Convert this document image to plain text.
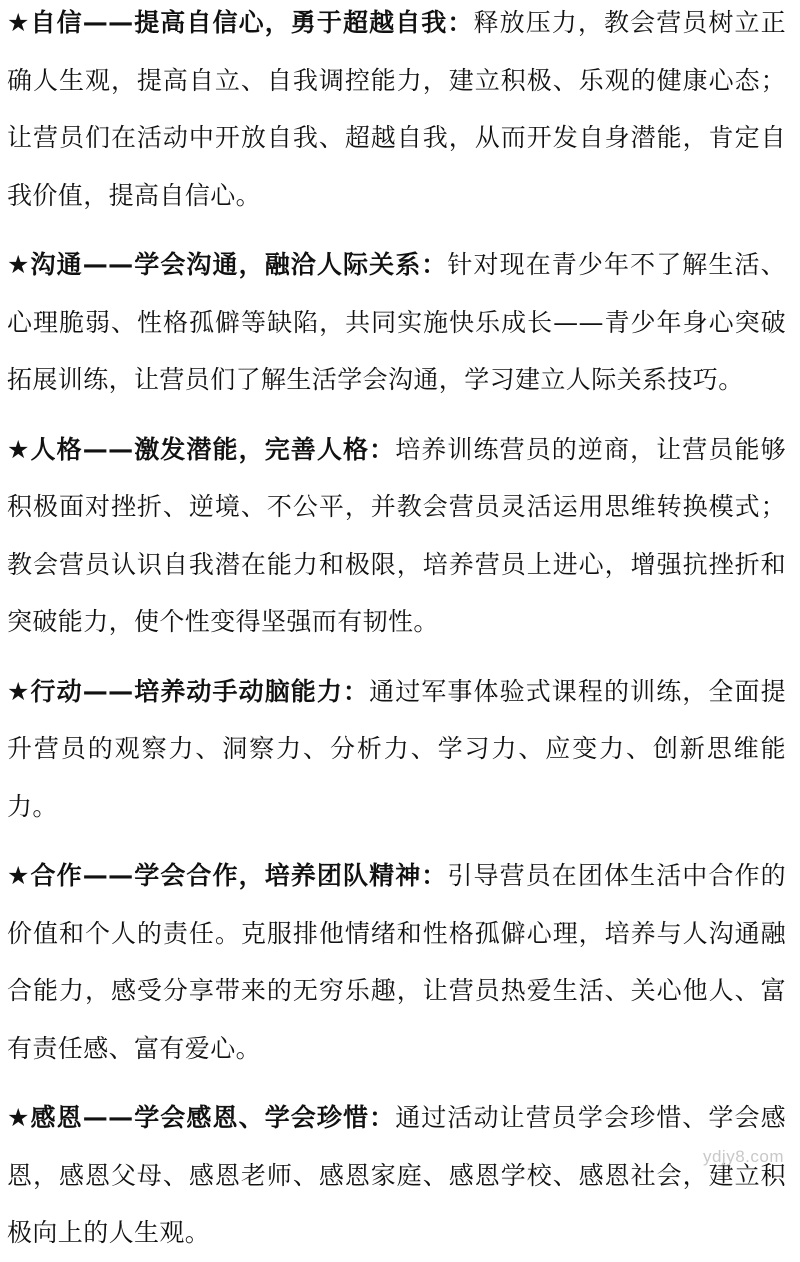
★自信——提高自信心，勇于超越自我：释放压力，教会营员树立正确人生观，提高自立、自我调控能力，建立积极、乐观的健康心态；让营员们在活动中开放自我、超越自我，从而开发自身潜能，肯定自我价值，提高自信心。

★沟通——学会沟通，融洽人际关系：针对现在青少年不了解生活、心理脆弱、性格孤僻等缺陷，共同实施快乐成长——青少年身心突破拓展训练，让营员们了解生活学会沟通，学习建立人际关系技巧。

★人格——激发潜能，完善人格：培养训练营员的逆商，让营员能够积极面对挫折、逆境、不公平，并教会营员灵活运用思维转换模式；教会营员认识自我潜在能力和极限，培养营员上进心，增强抗挫折和突破能力，使个性变得坚强而有韧性。

★行动——培养动手动脑能力：通过军事体验式课程的训练，全面提升营员的观察力、洞察力、分析力、学习力、应变力、创新思维能力。

★合作——学会合作，培养团队精神：引导营员在团体生活中合作的价值和个人的责任。克服排他情绪和性格孤僻心理，培养与人沟通融合能力，感受分享带来的无穷乐趣，让营员热爱生活、关心他人、富有责任感、富有爱心。

★感恩——学会感恩、学会珍惜：通过活动让营员学会珍惜、学会感恩，感恩父母、感恩老师、感恩家庭、感恩学校、感恩社会，建立积极向上的人生观。

ydjy8.com
